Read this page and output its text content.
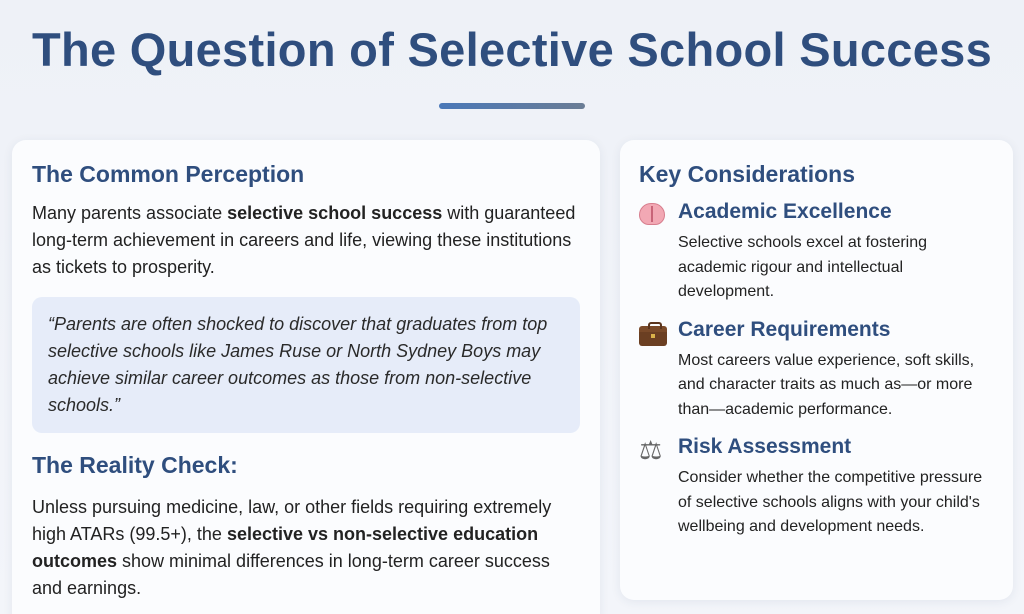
The Question of Selective School Success
The Common Perception

Many parents associate selective school success with guaranteed long-term achievement in careers and life, viewing these institutions as tickets to prosperity.

“Parents are often shocked to discover that graduates from top selective schools like James Ruse or North Sydney Boys may achieve similar career outcomes as those from non-selective schools.”
The Reality Check:

Unless pursuing medicine, law, or other fields requiring extremely high ATARs (99.5+), the selective vs non-selective education outcomes show minimal differences in long-term career success and earnings.

Key Considerations
Academic Excellence
Selective schools excel at fostering academic rigour and intellectual development.
Career Requirements
Most careers value experience, soft skills, and character traits as much as—or more than—academic performance.
⚖ Risk Assessment
Consider whether the competitive pressure of selective schools aligns with your child's wellbeing and development needs.
